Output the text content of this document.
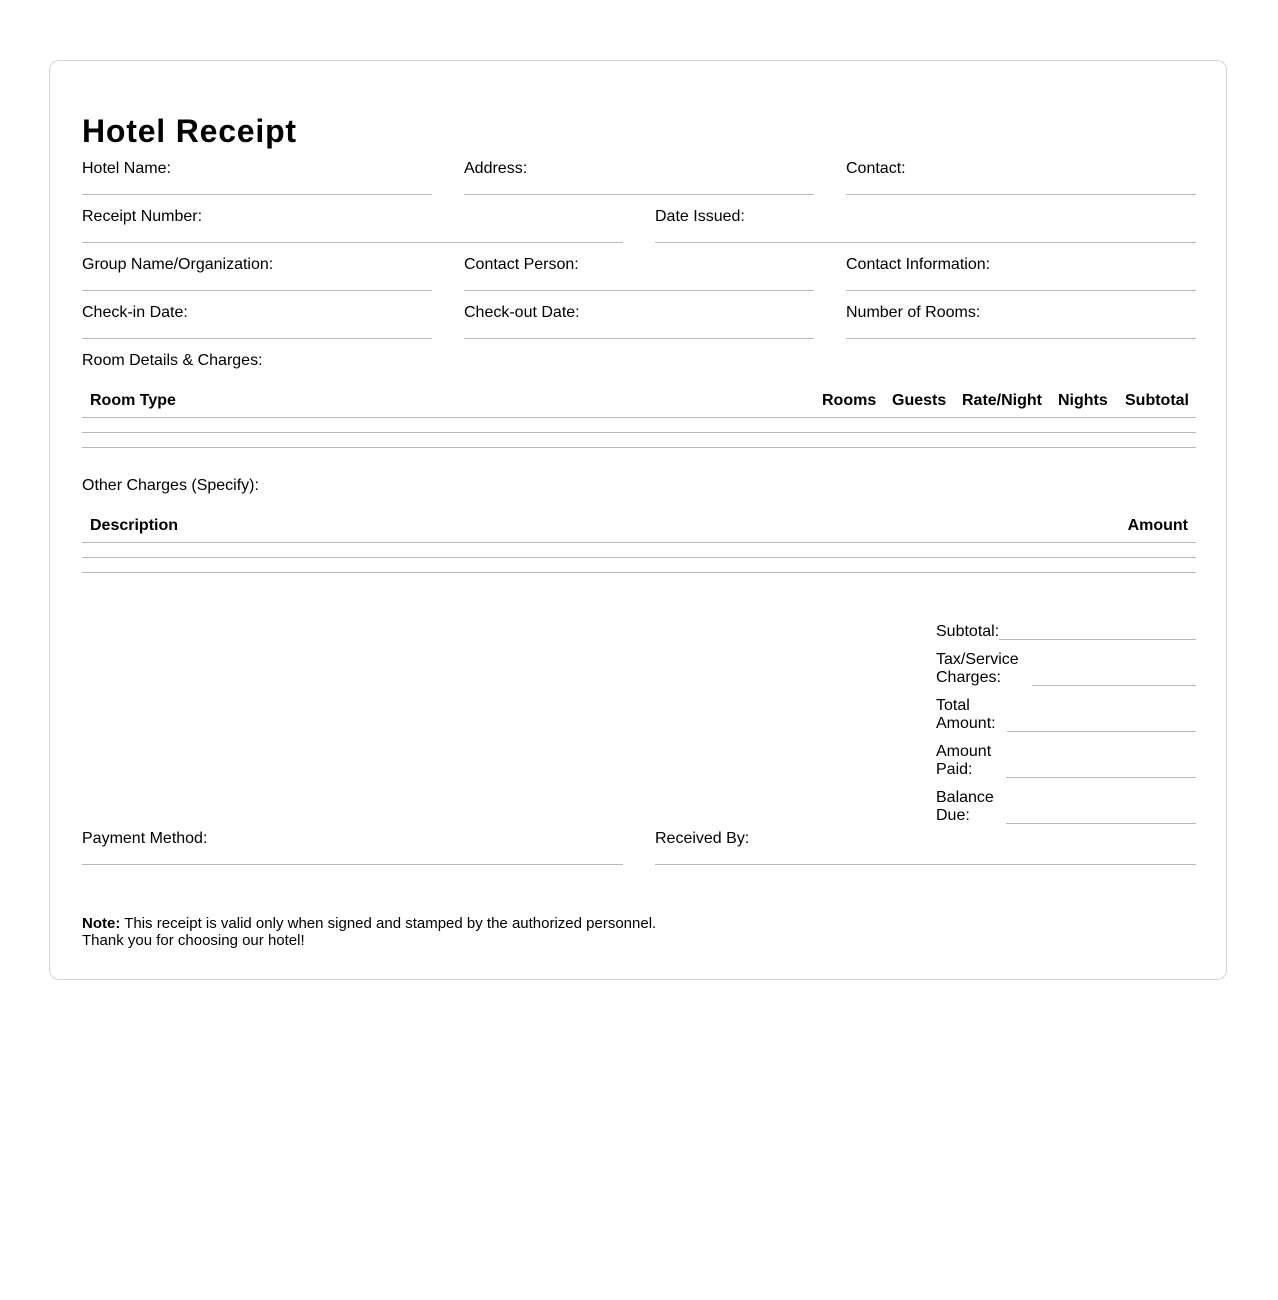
Hotel Receipt
Hotel Name:	Address:	Contact:
Receipt Number:	Date Issued:
Group Name/Organization:	Contact Person:	Contact Information:
Check-in Date:	Check-out Date:	Number of Rooms:
Room Details & Charges:
Room Type	Rooms Guests Rate/Night Nights Subtotal
Other Charges (Specify):
Description	Amount
Subtotal:
Tax/Service
Charges:
Total
Amount:
Amount
Paid:
Balance
Due:
Payment Method:	Received By:
Note: This receipt is valid only when signed and stamped by the authorized personnel.
Thank you for choosing our hotel!
